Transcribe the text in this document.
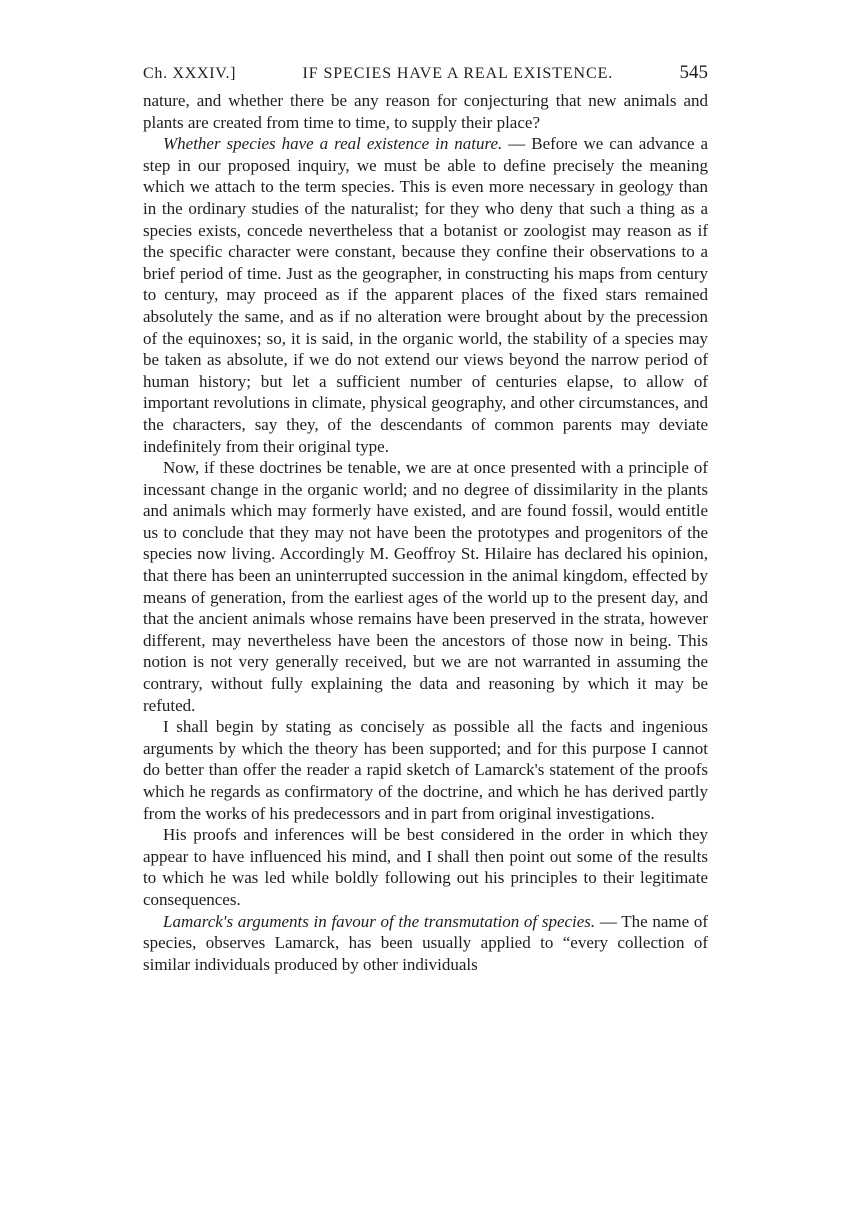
Ch. XXXIV.]	IF SPECIES HAVE A REAL EXISTENCE.	545

nature, and whether there be any reason for conjecturing that new animals and plants are created from time to time, to supply their place?

Whether species have a real existence in nature. — Before we can advance a step in our proposed inquiry, we must be able to define precisely the meaning which we attach to the term species. This is even more necessary in geology than in the ordinary studies of the naturalist; for they who deny that such a thing as a species exists, concede nevertheless that a botanist or zoologist may reason as if the specific character were constant, because they confine their observations to a brief period of time. Just as the geographer, in constructing his maps from century to century, may proceed as if the apparent places of the fixed stars remained absolutely the same, and as if no alteration were brought about by the precession of the equinoxes; so, it is said, in the organic world, the stability of a species may be taken as absolute, if we do not extend our views beyond the narrow period of human history; but let a sufficient number of centuries elapse, to allow of important revolutions in climate, physical geography, and other circumstances, and the characters, say they, of the descendants of common parents may deviate indefinitely from their original type.

Now, if these doctrines be tenable, we are at once presented with a principle of incessant change in the organic world; and no degree of dissimilarity in the plants and animals which may formerly have existed, and are found fossil, would entitle us to conclude that they may not have been the prototypes and progenitors of the species now living. Accordingly M. Geoffroy St. Hilaire has declared his opinion, that there has been an uninterrupted succession in the animal kingdom, effected by means of generation, from the earliest ages of the world up to the present day, and that the ancient animals whose remains have been preserved in the strata, however different, may nevertheless have been the ancestors of those now in being. This notion is not very generally received, but we are not warranted in assuming the contrary, without fully explaining the data and reasoning by which it may be refuted.

I shall begin by stating as concisely as possible all the facts and ingenious arguments by which the theory has been supported; and for this purpose I cannot do better than offer the reader a rapid sketch of Lamarck's statement of the proofs which he regards as confirmatory of the doctrine, and which he has derived partly from the works of his predecessors and in part from original investigations.

His proofs and inferences will be best considered in the order in which they appear to have influenced his mind, and I shall then point out some of the results to which he was led while boldly following out his principles to their legitimate consequences.

Lamarck's arguments in favour of the transmutation of species. — The name of species, observes Lamarck, has been usually applied to “every collection of similar individuals produced by other individuals
